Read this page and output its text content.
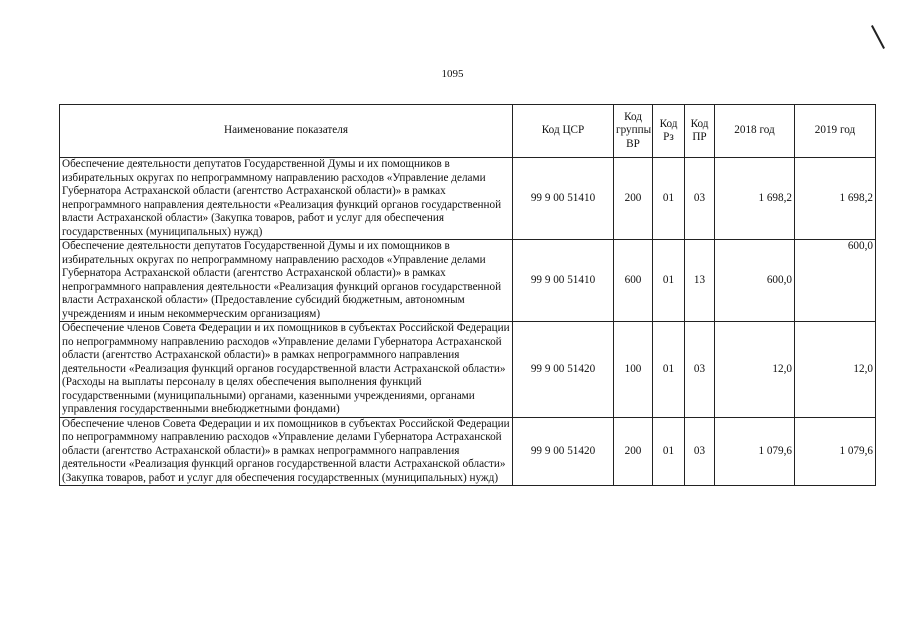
1095
Наименование показателя	Код ЦСР	Код группы ВР	Код Рз	Код ПР	2018 год	2019 год
Обеспечение деятельности депутатов Государственной Думы и их помощников в избирательных округах по непрограммному направлению расходов «Управление делами Губернатора Астраханской области (агентство Астраханской области)» в рамках непрограммного направления деятельности «Реализация функций органов государственной власти Астраханской области» (Закупка товаров, работ и услуг для обеспечения государственных (муниципальных) нужд)	99 9 00 51410	200	01	03	1 698,2	1 698,2
Обеспечение деятельности депутатов Государственной Думы и их помощников в избирательных округах по непрограммному направлению расходов «Управление делами Губернатора Астраханской области (агентство Астраханской области)» в рамках непрограммного направления деятельности «Реализация функций органов государственной власти Астраханской области» (Предоставление субсидий бюджетным, автономным учреждениям и иным некоммерческим организациям)	99 9 00 51410	600	01	13	600,0	600,0
Обеспечение членов Совета Федерации и их помощников в субъектах Российской Федерации по непрограммному направлению расходов «Управление делами Губернатора Астраханской области (агентство Астраханской области)» в рамках непрограммного направления деятельности «Реализация функций органов государственной власти Астраханской области» (Расходы на выплаты персоналу в целях обеспечения выполнения функций государственными (муниципальными) органами, казенными учреждениями, органами управления государственными внебюджетными фондами)	99 9 00 51420	100	01	03	12,0	12,0
Обеспечение членов Совета Федерации и их помощников в субъектах Российской Федерации по непрограммному направлению расходов «Управление делами Губернатора Астраханской области (агентство Астраханской области)» в рамках непрограммного направления деятельности «Реализация функций органов государственной власти Астраханской области» (Закупка товаров, работ и услуг для обеспечения государственных (муниципальных) нужд)	99 9 00 51420	200	01	03	1 079,6	1 079,6
